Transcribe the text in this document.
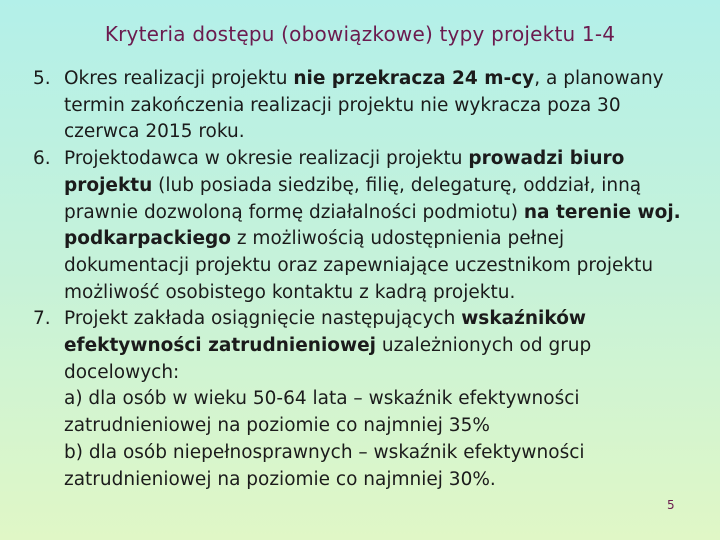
Kryteria dostępu (obowiązkowe) typy projektu 1-4
5. Okres realizacji projektu nie przekracza 24 m-cy, a planowany termin zakończenia realizacji projektu nie wykracza poza 30 czerwca 2015 roku.
6. Projektodawca w okresie realizacji projektu prowadzi biuro projektu (lub posiada siedzibę, filię, delegaturę, oddział, inną prawnie dozwoloną formę działalności podmiotu) na terenie woj. podkarpackiego z możliwością udostępnienia pełnej dokumentacji projektu oraz zapewniające uczestnikom projektu możliwość osobistego kontaktu z kadrą projektu.
7. Projekt zakłada osiągnięcie następujących wskaźników efektywności zatrudnieniowej uzależnionych od grup docelowych:
a) dla osób w wieku 50-64 lata – wskaźnik efektywności zatrudnieniowej na poziomie co najmniej 35%
b) dla osób niepełnosprawnych – wskaźnik efektywności zatrudnieniowej na poziomie co najmniej 30%.
5
